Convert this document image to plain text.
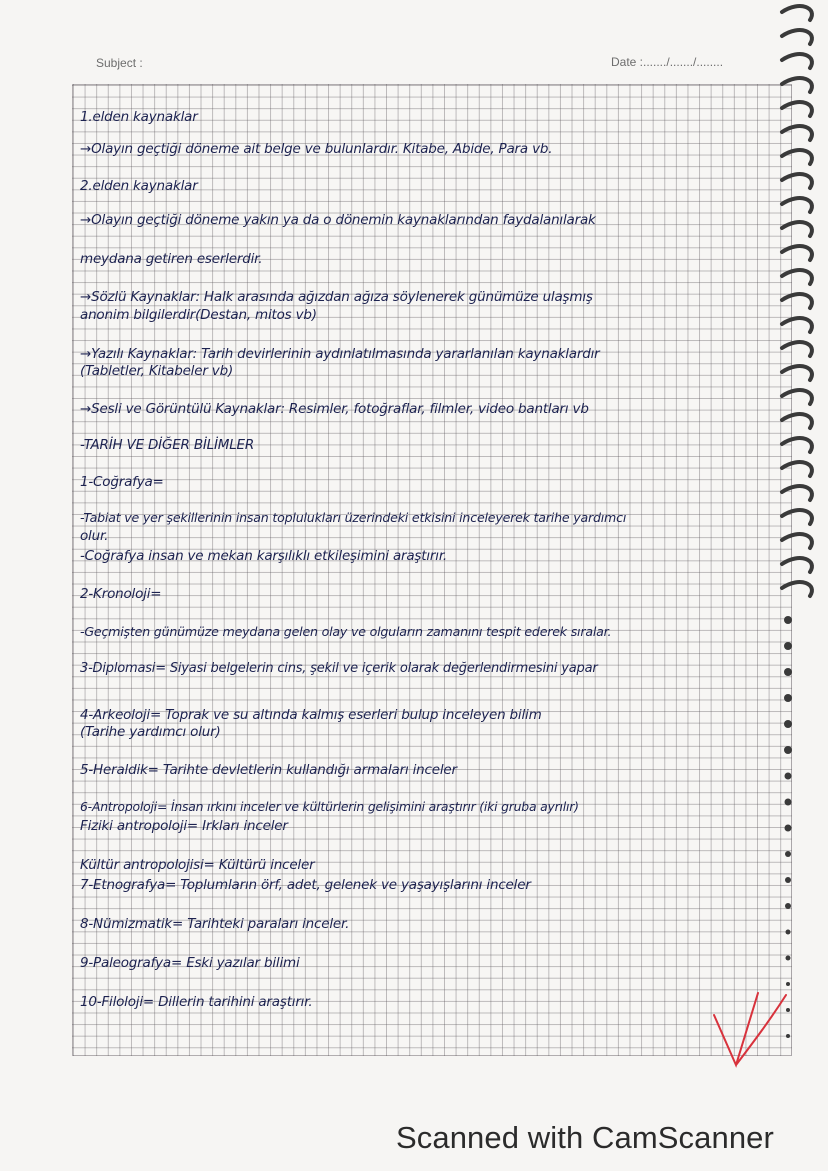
Subject :	Date :......./......./........
1.elden kaynaklar
→Olayın geçtiği döneme ait belge ve bulunlardır. Kitabe, Abide, Para vb.
2.elden kaynaklar
→Olayın geçtiği döneme yakın ya da o dönemin kaynaklarından faydalanılarak
meydana getiren eserlerdir.
→Sözlü Kaynaklar: Halk arasında ağızdan ağıza söylenerek günümüze ulaşmış
anonim bilgilerdir(Destan, mitos vb)
→Yazılı Kaynaklar: Tarih devirlerinin aydınlatılmasında yararlanılan kaynaklardır
(Tabletler, Kitabeler vb)
→Sesli ve Görüntülü Kaynaklar: Resimler, fotoğraflar, filmler, video bantları vb
-TARİH VE DİĞER BİLİMLER
1-Coğrafya=
-Tabiat ve yer şekillerinin insan toplulukları üzerindeki etkisini inceleyerek tarihe yardımcı
olur.
-Coğrafya insan ve mekan karşılıklı etkileşimini araştırır.
2-Kronoloji=
-Geçmişten günümüze meydana gelen olay ve olguların zamanını tespit ederek sıralar.
3-Diplomasi= Siyasi belgelerin cins, şekil ve içerik olarak değerlendirmesini yapar
4-Arkeoloji= Toprak ve su altında kalmış eserleri bulup inceleyen bilim
(Tarihe yardımcı olur)
5-Heraldik= Tarihte devletlerin kullandığı armaları inceler
6-Antropoloji= İnsan ırkını inceler ve kültürlerin gelişimini araştırır (iki gruba ayrılır)
Fiziki antropoloji= Irkları inceler
Kültür antropolojisi= Kültürü inceler
7-Etnografya= Toplumların örf, adet, gelenek ve yaşayışlarını inceler
8-Nümizmatik= Tarihteki paraları inceler.
9-Paleografya= Eski yazılar bilimi
10-Filoloji= Dillerin tarihini araştırır.
Scanned with CamScanner
